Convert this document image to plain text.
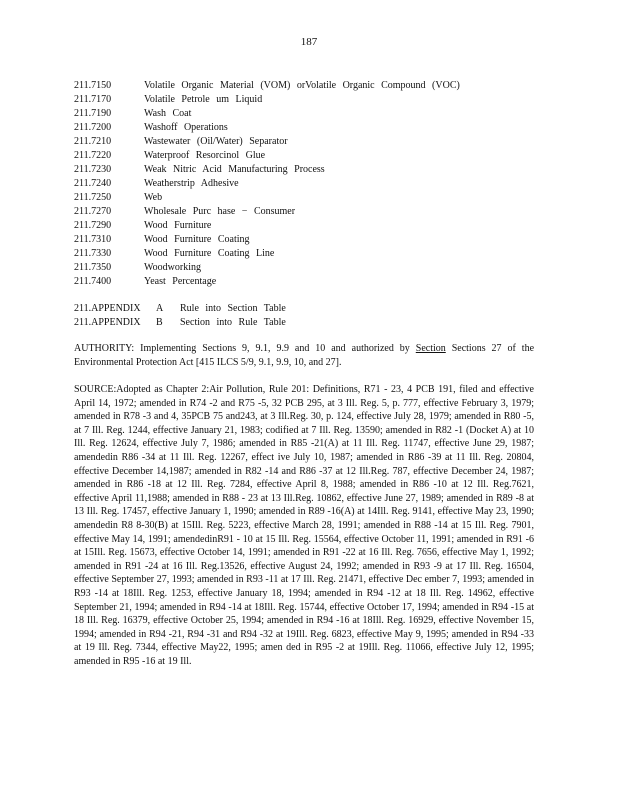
187
211.7150	Volatile Organic Material (VOM) orVolatile Organic Compound (VOC)
211.7170	Volatile Petrole um Liquid
211.7190	Wash Coat
211.7200	Washoff Operations
211.7210	Wastewater (Oil/Water) Separator
211.7220	Waterproof Resorcinol Glue
211.7230	Weak Nitric Acid Manufacturing Process
211.7240	Weatherstrip Adhesive
211.7250	Web
211.7270	Wholesale Purc hase − Consumer
211.7290	Wood Furniture
211.7310	Wood Furniture Coating
211.7330	Wood Furniture Coating Line
211.7350	Woodworking
211.7400	Yeast Percentage
211.APPENDIX	A	Rule into Section Table
211.APPENDIX	B	Section into Rule Table

AUTHORITY: Implementing Sections 9, 9.1, 9.9 and 10 and authorized by Section Sections 27 of the Environmental Protection Act [415 ILCS 5/9, 9.1, 9.9, 10, and 27].

SOURCE:Adopted as Chapter 2:Air Pollution, Rule 201: Definitions, R71 - 23, 4 PCB 191, filed and effective April 14, 1972; amended in R74 -2 and R75 -5, 32 PCB 295, at 3 Ill. Reg. 5, p. 777, effective February 3, 1979; amended in R78 -3 and 4, 35PCB 75 and243, at 3 Ill.Reg. 30, p. 124, effective July 28, 1979; amended in R80 -5, at 7 Ill. Reg. 1244, effective January 21, 1983; codified at 7 Ill. Reg. 13590; amended in R82 -1 (Docket A) at 10 Ill. Reg. 12624, effective July 7, 1986; amended in R85 -21(A) at 11 Ill. Reg. 11747, effective June 29, 1987; amendedin R86 -34 at 11 Ill. Reg. 12267, effect ive July 10, 1987; amended in R86 -39 at 11 Ill. Reg. 20804, effective December 14,1987; amended in R82 -14 and R86 -37 at 12 Ill.Reg. 787, effective December 24, 1987; amended in R86 -18 at 12 Ill. Reg. 7284, effective April 8, 1988; amended in R86 -10 at 12 Ill. Reg.7621, effective April 11,1988; amended in R88 - 23 at 13 Ill.Reg. 10862, effective June 27, 1989; amended in R89 -8 at 13 Ill. Reg. 17457, effective January 1, 1990; amended in R89 -16(A) at 14Ill. Reg. 9141, effective May 23, 1990; amendedin R8 8-30(B) at 15Ill. Reg. 5223, effective March 28, 1991; amended in R88 -14 at 15 Ill. Reg. 7901, effective May 14, 1991; amendedinR91 - 10 at 15 Ill. Reg. 15564, effective October 11, 1991; amended in R91 -6 at 15Ill. Reg. 15673, effective October 14, 1991; amended in R91 -22 at 16 Ill. Reg. 7656, effective May 1, 1992; amended in R91 -24 at 16 Ill. Reg.13526, effective August 24, 1992; amended in R93 -9 at 17 Ill. Reg. 16504, effective September 27, 1993; amended in R93 -11 at 17 Ill. Reg. 21471, effective Dec ember 7, 1993; amended in R93 -14 at 18Ill. Reg. 1253, effective January 18, 1994; amended in R94 -12 at 18 Ill. Reg. 14962, effective September 21, 1994; amended in R94 -14 at 18Ill. Reg. 15744, effective October 17, 1994; amended in R94 -15 at 18 Ill. Reg. 16379, effective October 25, 1994; amended in R94 -16 at 18Ill. Reg. 16929, effective November 15, 1994; amended in R94 -21, R94 -31 and R94 -32 at 19Ill. Reg. 6823, effective May 9, 1995; amended in R94 -33 at 19 Ill. Reg. 7344, effective May22, 1995; amen ded in R95 -2 at 19Ill. Reg. 11066, effective July 12, 1995; amended in R95 -16 at 19 Ill.
